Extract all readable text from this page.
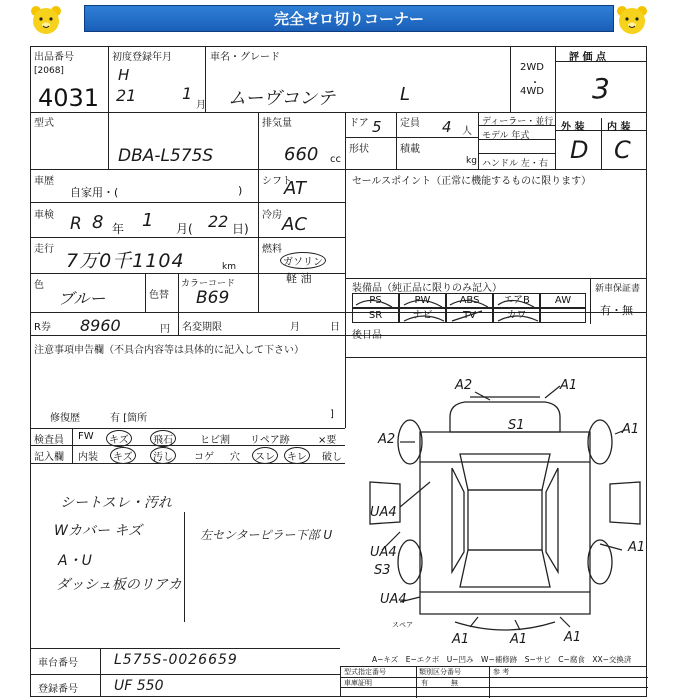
完全ゼロ切りコーナー
出品番号
[2068]
4031
初度登録年月
H
21	1
月
車名・グレード
ムーヴコンテ	L
2WD
・
4WD
評 価 点
3
型式
DBA-L575S
排気量
660 cc
ドア 5 定員 4 人
形状	積載
kg
ディーラー・並行
モデル 年式
ハンドル 左・右
外 装 内 装
D C
車歴
自家用・(	)
シフト
AT	セールスポイント（正常に機能するものに限ります）
車検 R 8 年 1 月( 22 日)
冷房 AC
走行
7万0千1104	km
燃料
ガソリン
軽 油
色
ブルー	色替
カラーコード
B69	装備品（純正品に限りのみ記入）	新車保証書
有・無
PS	PW	ABS	エアB	AW
SR	ナビ	TV	カワ
R券 8960	円 名変期限	月	日
後日品
注意事項申告欄（不具合内容等は具体的に記入して下さい）
修復歴	有 [箇所	]
検査員
記入欄
FW	キズ	飛石	ヒビ割 リペア跡	×要
内装	キズ	汚し	コゲ 穴	スレ	キレ	破し
シートスレ・汚れ
Wカバー キズ
A・U
ダッシュ板のリアカ
左センターピラー下部 U
A2	A1
S1
A2
A1
UA4
UA4
S3
A1
UA4
A1	A1	A1
スペア
A−キズ　E−エクボ　U−凹み　W−補修跡　S−サビ　C−腐食　XX−交換済
車台番号	L575S-0026659
登録番号	UF 550
型式指定番号	類別区分番号
車庫証明
参 考
有	無
